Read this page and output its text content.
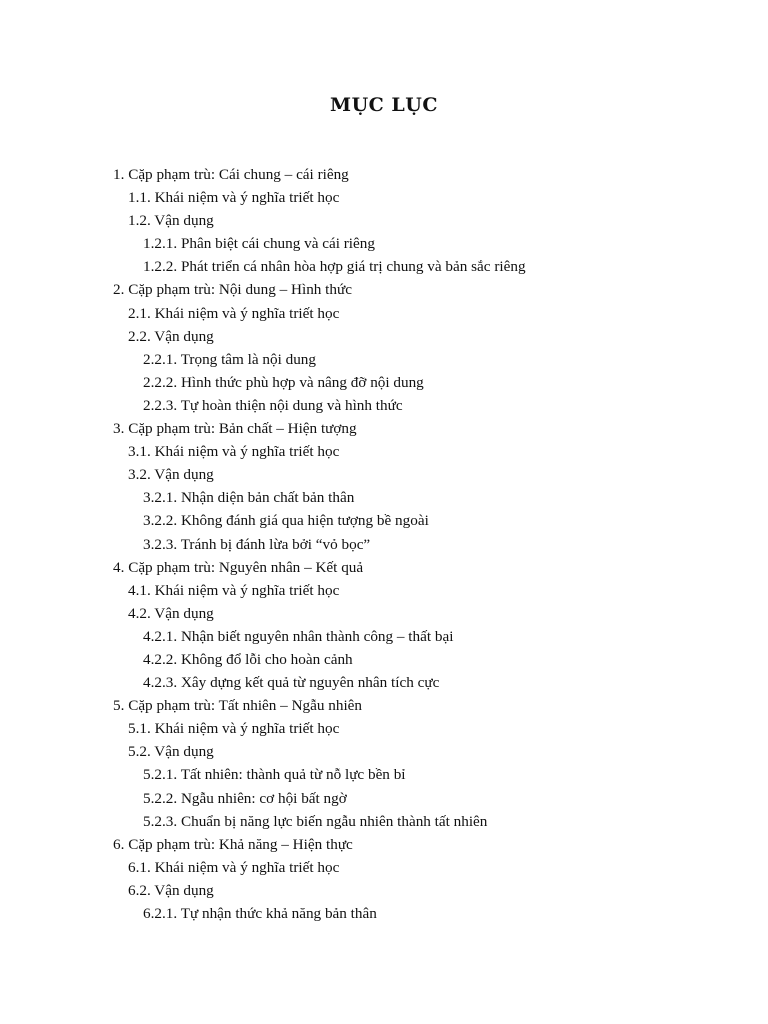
MỤC LỤC
1. Cặp phạm trù: Cái chung – cái riêng
1.1. Khái niệm và ý nghĩa triết học
1.2. Vận dụng
1.2.1. Phân biệt cái chung và cái riêng
1.2.2. Phát triển cá nhân hòa hợp giá trị chung và bản sắc riêng
2. Cặp phạm trù: Nội dung – Hình thức
2.1. Khái niệm và ý nghĩa triết học
2.2. Vận dụng
2.2.1. Trọng tâm là nội dung
2.2.2. Hình thức phù hợp và nâng đỡ nội dung
2.2.3. Tự hoàn thiện nội dung và hình thức
3. Cặp phạm trù: Bản chất – Hiện tượng
3.1. Khái niệm và ý nghĩa triết học
3.2. Vận dụng
3.2.1. Nhận diện bản chất bản thân
3.2.2. Không đánh giá qua hiện tượng bề ngoài
3.2.3. Tránh bị đánh lừa bởi “vỏ bọc”
4. Cặp phạm trù: Nguyên nhân – Kết quả
4.1. Khái niệm và ý nghĩa triết học
4.2. Vận dụng
4.2.1. Nhận biết nguyên nhân thành công – thất bại
4.2.2. Không đổ lỗi cho hoàn cảnh
4.2.3. Xây dựng kết quả từ nguyên nhân tích cực
5. Cặp phạm trù: Tất nhiên – Ngẫu nhiên
5.1. Khái niệm và ý nghĩa triết học
5.2. Vận dụng
5.2.1. Tất nhiên: thành quả từ nỗ lực bền bỉ
5.2.2. Ngẫu nhiên: cơ hội bất ngờ
5.2.3. Chuẩn bị năng lực biến ngẫu nhiên thành tất nhiên
6. Cặp phạm trù: Khả năng – Hiện thực
6.1. Khái niệm và ý nghĩa triết học
6.2. Vận dụng
6.2.1. Tự nhận thức khả năng bản thân
